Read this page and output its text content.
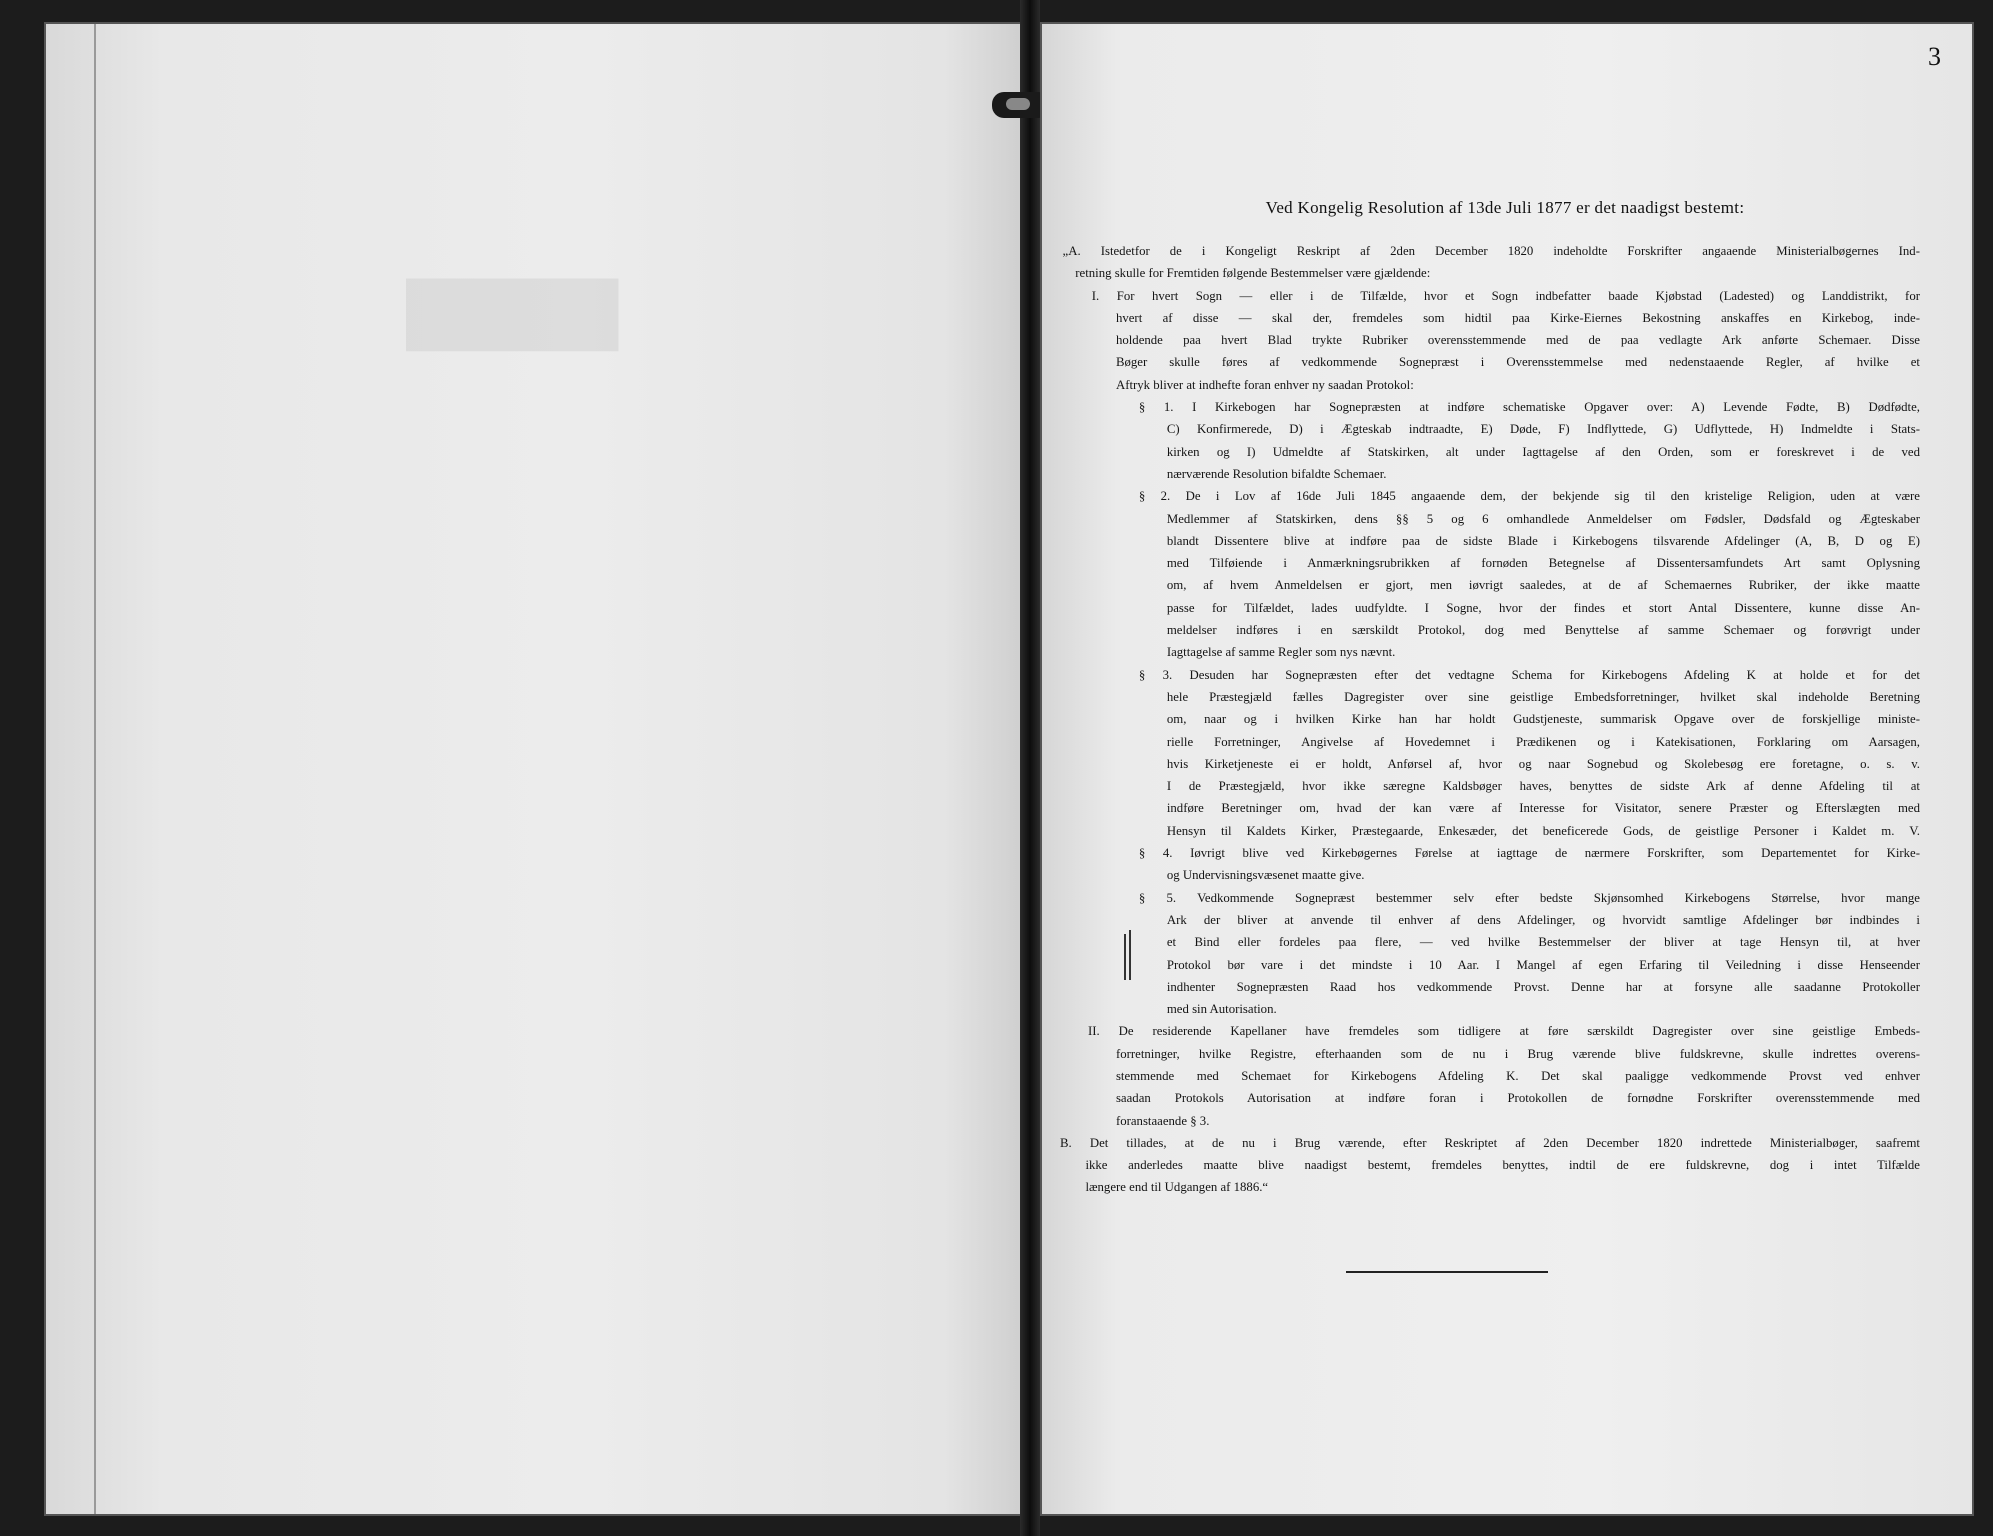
█████
3
Ved Kongelig Resolution af 13de Juli 1877 er det naadigst bestemt:
„A. Istedetfor de i Kongeligt Reskript af 2den December 1820 indeholdte Forskrifter angaaende Ministerialbøgernes Ind-
retning skulle for Fremtiden følgende Bestemmelser være gjældende:
I. For hvert Sogn — eller i de Tilfælde, hvor et Sogn indbefatter baade Kjøbstad (Ladested) og Landdistrikt, for
hvert af disse — skal der, fremdeles som hidtil paa Kirke-Eiernes Bekostning anskaffes en Kirkebog, inde-
holdende paa hvert Blad trykte Rubriker overensstemmende med de paa vedlagte Ark anførte Schemaer. Disse
Bøger skulle føres af vedkommende Sognepræst i Overensstemmelse med nedenstaaende Regler, af hvilke et
Aftryk bliver at indhefte foran enhver ny saadan Protokol:
§ 1. I Kirkebogen har Sognepræsten at indføre schematiske Opgaver over: A) Levende Fødte, B) Dødfødte,
C) Konfirmerede, D) i Ægteskab indtraadte, E) Døde, F) Indflyttede, G) Udflyttede, H) Indmeldte i Stats-
kirken og I) Udmeldte af Statskirken, alt under Iagttagelse af den Orden, som er foreskrevet i de ved
nærværende Resolution bifaldte Schemaer.
§ 2. De i Lov af 16de Juli 1845 angaaende dem, der bekjende sig til den kristelige Religion, uden at være
Medlemmer af Statskirken, dens §§ 5 og 6 omhandlede Anmeldelser om Fødsler, Dødsfald og Ægteskaber
blandt Dissentere blive at indføre paa de sidste Blade i Kirkebogens tilsvarende Afdelinger (A, B, D og E)
med Tilføiende i Anmærkningsrubrikken af fornøden Betegnelse af Dissentersamfundets Art samt Oplysning
om, af hvem Anmeldelsen er gjort, men iøvrigt saaledes, at de af Schemaernes Rubriker, der ikke maatte
passe for Tilfældet, lades uudfyldte. I Sogne, hvor der findes et stort Antal Dissentere, kunne disse An-
meldelser indføres i en særskildt Protokol, dog med Benyttelse af samme Schemaer og forøvrigt under
Iagttagelse af samme Regler som nys nævnt.
§ 3. Desuden har Sognepræsten efter det vedtagne Schema for Kirkebogens Afdeling K at holde et for det
hele Præstegjæld fælles Dagregister over sine geistlige Embedsforretninger, hvilket skal indeholde Beretning
om, naar og i hvilken Kirke han har holdt Gudstjeneste, summarisk Opgave over de forskjellige ministe-
rielle Forretninger, Angivelse af Hovedemnet i Prædikenen og i Katekisationen, Forklaring om Aarsagen,
hvis Kirketjeneste ei er holdt, Anførsel af, hvor og naar Sognebud og Skolebesøg ere foretagne, o. s. v.
I de Præstegjæld, hvor ikke særegne Kaldsbøger haves, benyttes de sidste Ark af denne Afdeling til at
indføre Beretninger om, hvad der kan være af Interesse for Visitator, senere Præster og Efterslægten med
Hensyn til Kaldets Kirker, Præstegaarde, Enkesæder, det beneficerede Gods, de geistlige Personer i Kaldet m. V.
§ 4. Iøvrigt blive ved Kirkebøgernes Førelse at iagttage de nærmere Forskrifter, som Departementet for Kirke-
og Undervisningsvæsenet maatte give.
§ 5. Vedkommende Sognepræst bestemmer selv efter bedste Skjønsomhed Kirkebogens Størrelse, hvor mange
Ark der bliver at anvende til enhver af dens Afdelinger, og hvorvidt samtlige Afdelinger bør indbindes i
et Bind eller fordeles paa flere, — ved hvilke Bestemmelser der bliver at tage Hensyn til, at hver
Protokol bør vare i det mindste i 10 Aar. I Mangel af egen Erfaring til Veiledning i disse Henseender
indhenter Sognepræsten Raad hos vedkommende Provst. Denne har at forsyne alle saadanne Protokoller
med sin Autorisation.
II. De residerende Kapellaner have fremdeles som tidligere at føre særskildt Dagregister over sine geistlige Embeds-
forretninger, hvilke Registre, efterhaanden som de nu i Brug værende blive fuldskrevne, skulle indrettes overens-
stemmende med Schemaet for Kirkebogens Afdeling K. Det skal paaligge vedkommende Provst ved enhver
saadan Protokols Autorisation at indføre foran i Protokollen de fornødne Forskrifter overensstemmende med
foranstaaende § 3.
B. Det tillades, at de nu i Brug værende, efter Reskriptet af 2den December 1820 indrettede Ministerialbøger, saafremt
ikke anderledes maatte blive naadigst bestemt, fremdeles benyttes, indtil de ere fuldskrevne, dog i intet Tilfælde
længere end til Udgangen af 1886.“
